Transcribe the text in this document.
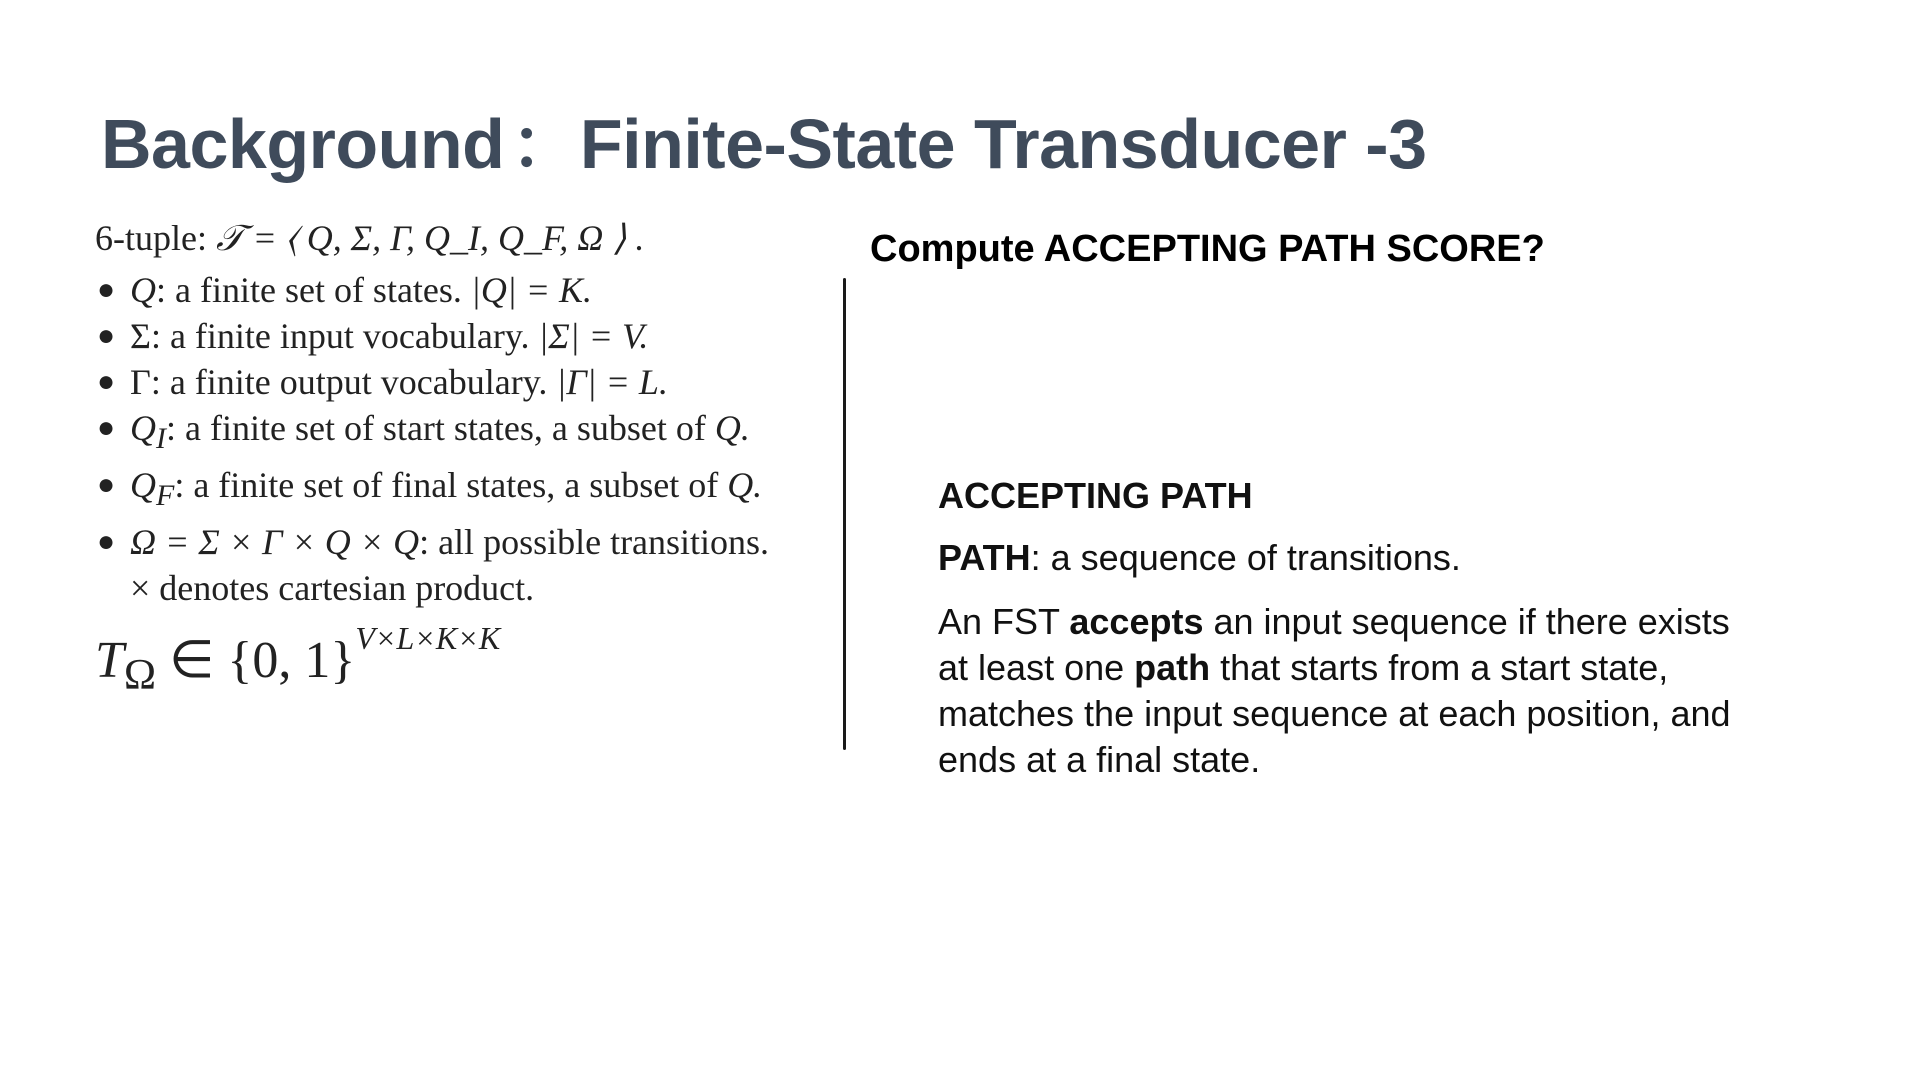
Background：Finite-State Transducer -3
6-tuple: 𝒯 = ⟨ Q, Σ, Γ, Q_I, Q_F, Ω ⟩ .
● Q: a finite set of states. |Q| = K.
● Σ: a finite input vocabulary. |Σ| = V.
● Γ: a finite output vocabulary. |Γ| = L.
● $Q_I$: a finite set of start states, a subset of Q.
● $Q_F$: a finite set of final states, a subset of Q.
● Ω = Σ × Γ × Q × Q: all possible transitions.
× denotes cartesian product.
$T_\Omega$ ∈ {0, 1}$^{V\times L\times K\times K}$
Compute ACCEPTING PATH SCORE?

ACCEPTING PATH

PATH: a sequence of transitions.

An FST accepts an input sequence if there exists at least one path that starts from a start state, matches the input sequence at each position, and ends at a final state.
